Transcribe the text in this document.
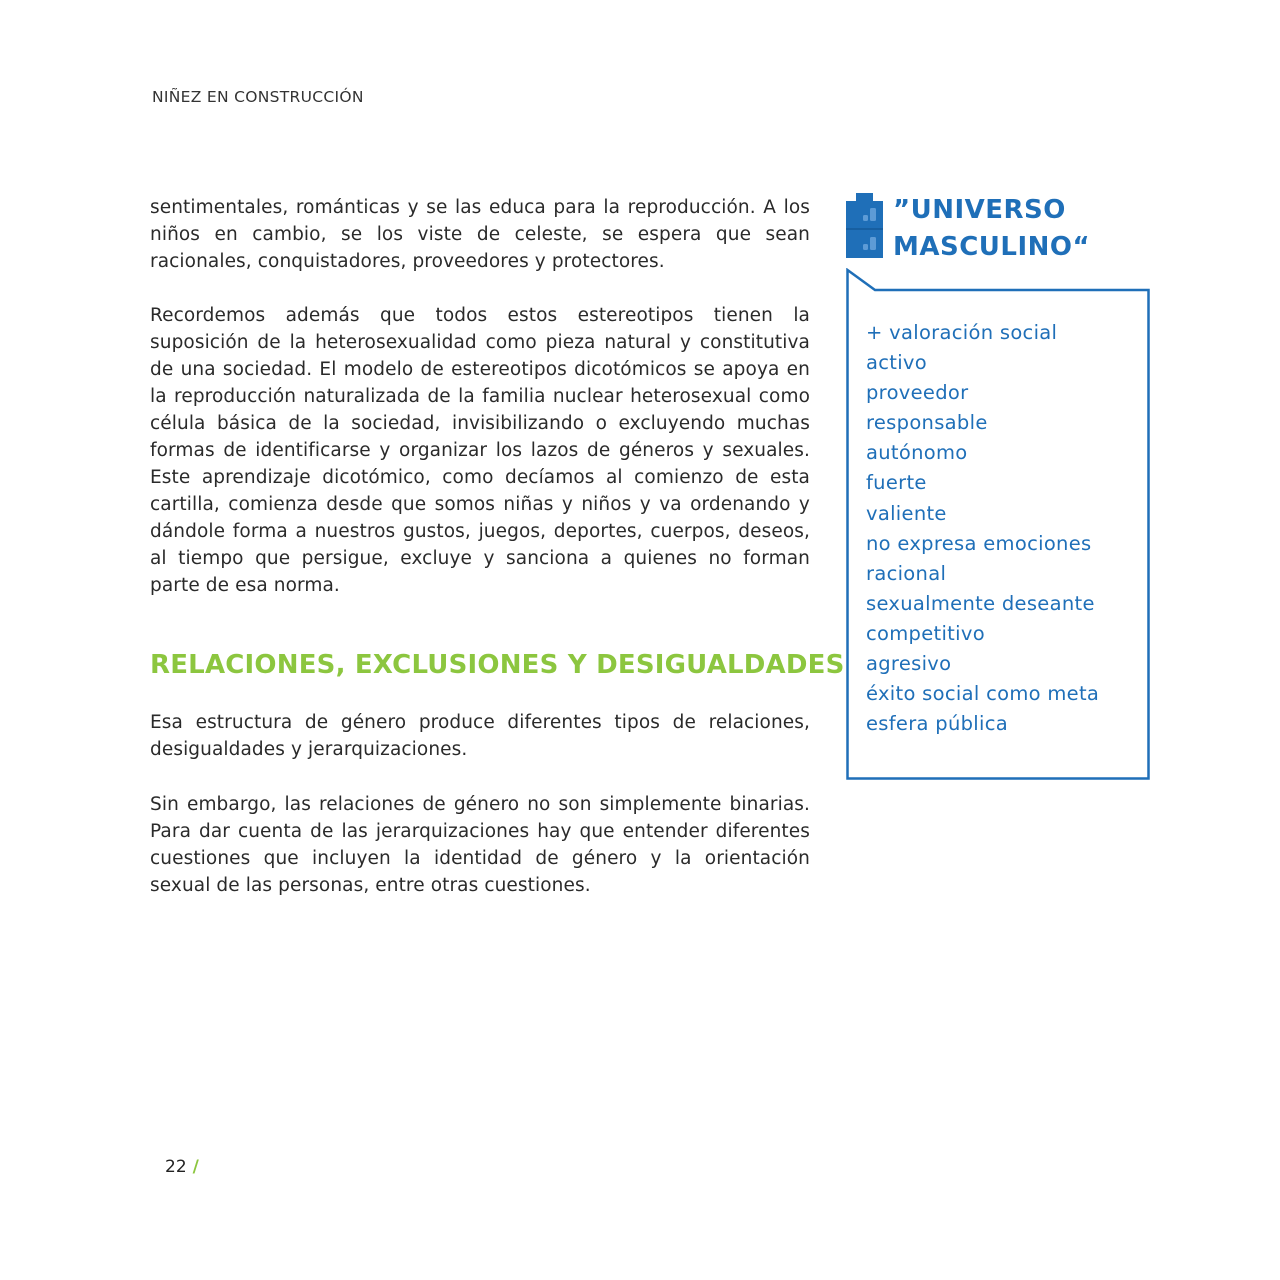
NIÑEZ EN CONSTRUCCIÓN

sentimentales, románticas y se las educa para la reproducción. A los niños en cambio, se los viste de celeste, se espera que sean racionales, conquistadores, proveedores y protectores.

Recordemos además que todos estos estereotipos tienen la suposición de la heterosexualidad como pieza natural y constitutiva de una sociedad. El modelo de estereotipos dicotómicos se apoya en la reproducción naturalizada de la familia nuclear heterosexual como célula básica de la sociedad, invisibilizando o excluyendo muchas formas de identificarse y organizar los lazos de géneros y sexuales. Este aprendizaje dicotómico, como decíamos al comienzo de esta cartilla, comienza desde que somos niñas y niños y va ordenando y dándole forma a nuestros gustos, juegos, deportes, cuerpos, deseos, al tiempo que persigue, excluye y sanciona a quienes no forman parte de esa norma.

RELACIONES, EXCLUSIONES Y DESIGUALDADES

Esa estructura de género produce diferentes tipos de relaciones, desigualdades y jerarquizaciones.

Sin embargo, las relaciones de género no son simplemente binarias. Para dar cuenta de las jerarquizaciones hay que entender diferentes cuestiones que incluyen la identidad de género y la orientación sexual de las personas, entre otras cuestiones.

”UNIVERSO
MASCULINO“
+ valoración social
activo
proveedor
responsable
autónomo
fuerte
valiente
no expresa emociones
racional
sexualmente deseante
competitivo
agresivo
éxito social como meta
esfera pública
22 /
